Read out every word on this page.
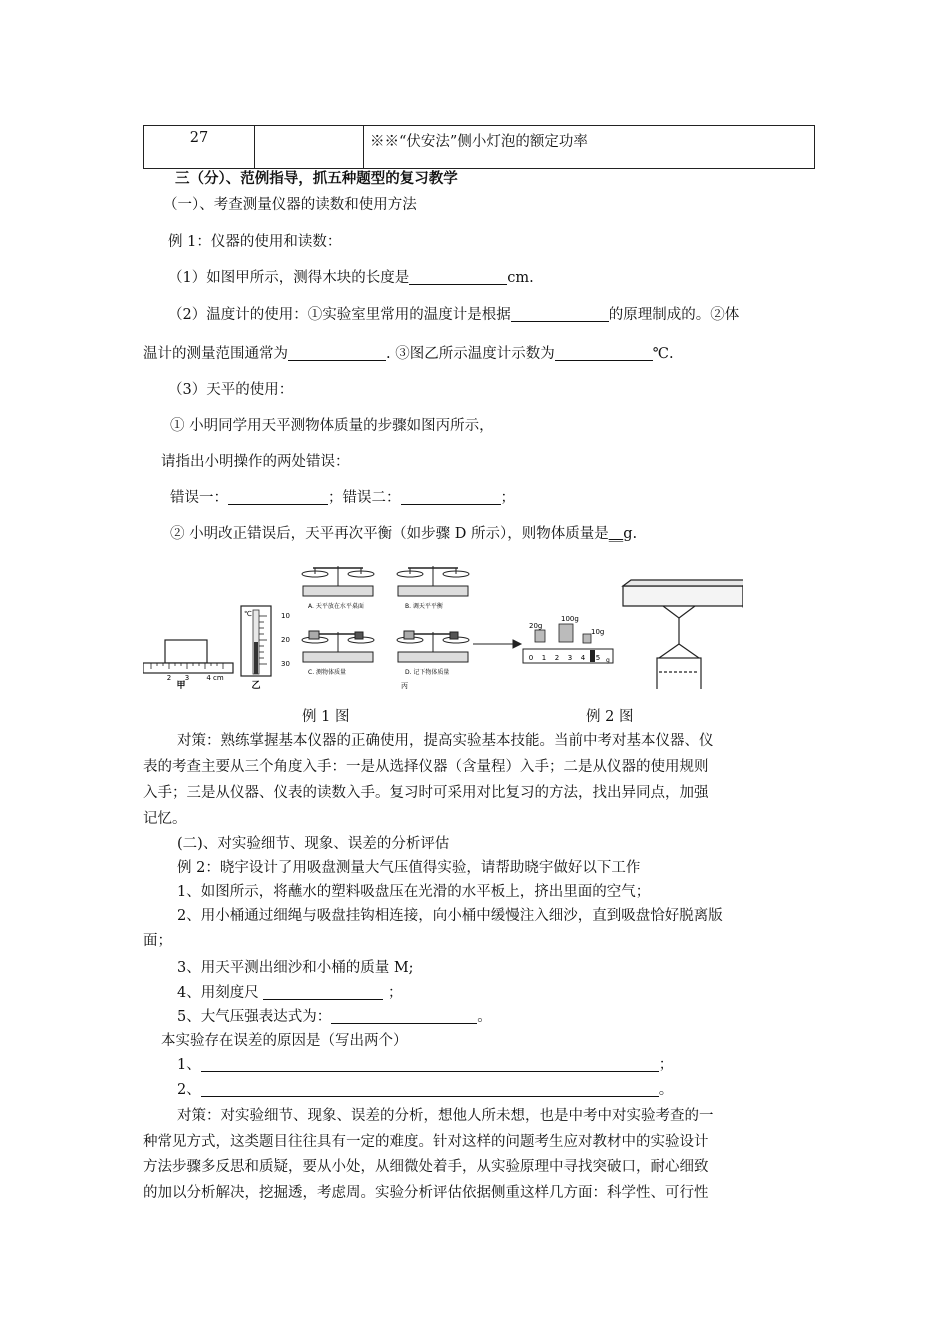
27		※※“伏安法”侧小灯泡的额定功率
三（分）、范例指导，抓五种题型的复习教学
（一）、考查测量仪器的读数和使用方法
例 1：仪器的使用和读数：
（1）如图甲所示，测得木块的长度是	cm.
（2）温度计的使用：①实验室里常用的温度计是根据	的原理制成的。②体
温计的测量范围通常为	. ③图乙所示温度计示数为	℃.
（3）天平的使用：
① 小明同学用天平测物体质量的步骤如图丙所示，
请指出小明操作的两处错误：
错误一：	；错误二：	；
② 小明改正错误后，天平再次平衡（如步骤 D 所示），则物体质量是__g.
2 3 4 cm
甲
℃	10
20
30
乙
A. 天平放在水平桌面	B. 调天平平衡
C. 测物体质量	D. 记下物体质量
丙
20g
100g
10g
0 1 2 3 4 5 g
例 1 图	例 2 图
对策：熟练掌握基本仪器的正确使用，提高实验基本技能。当前中考对基本仪器、仪
表的考查主要从三个角度入手：一是从选择仪器（含量程）入手；二是从仪器的使用规则
入手；三是从仪器、仪表的读数入手。复习时可采用对比复习的方法，找出异同点，加强
记忆。
(二)、对实验细节、现象、误差的分析评估
例 2：晓宇设计了用吸盘测量大气压值得实验，请帮助晓宇做好以下工作
1、如图所示，将蘸水的塑料吸盘压在光滑的水平板上，挤出里面的空气；
2、用小桶通过细绳与吸盘挂钩相连接，向小桶中缓慢注入细沙，直到吸盘恰好脱离版
面；
3、用天平测出细沙和小桶的质量 M;
4、用刻度尺	；
5、大气压强表达式为：	。
本实验存在误差的原因是（写出两个）
1、	；
2、	。
对策：对实验细节、现象、误差的分析，想他人所未想，也是中考中对实验考查的一
种常见方式，这类题目往往具有一定的难度。针对这样的问题考生应对教材中的实验设计
方法步骤多反思和质疑，要从小处，从细微处着手，从实验原理中寻找突破口，耐心细致
的加以分析解决，挖掘透，考虑周。实验分析评估依据侧重这样几方面：科学性、可行性
